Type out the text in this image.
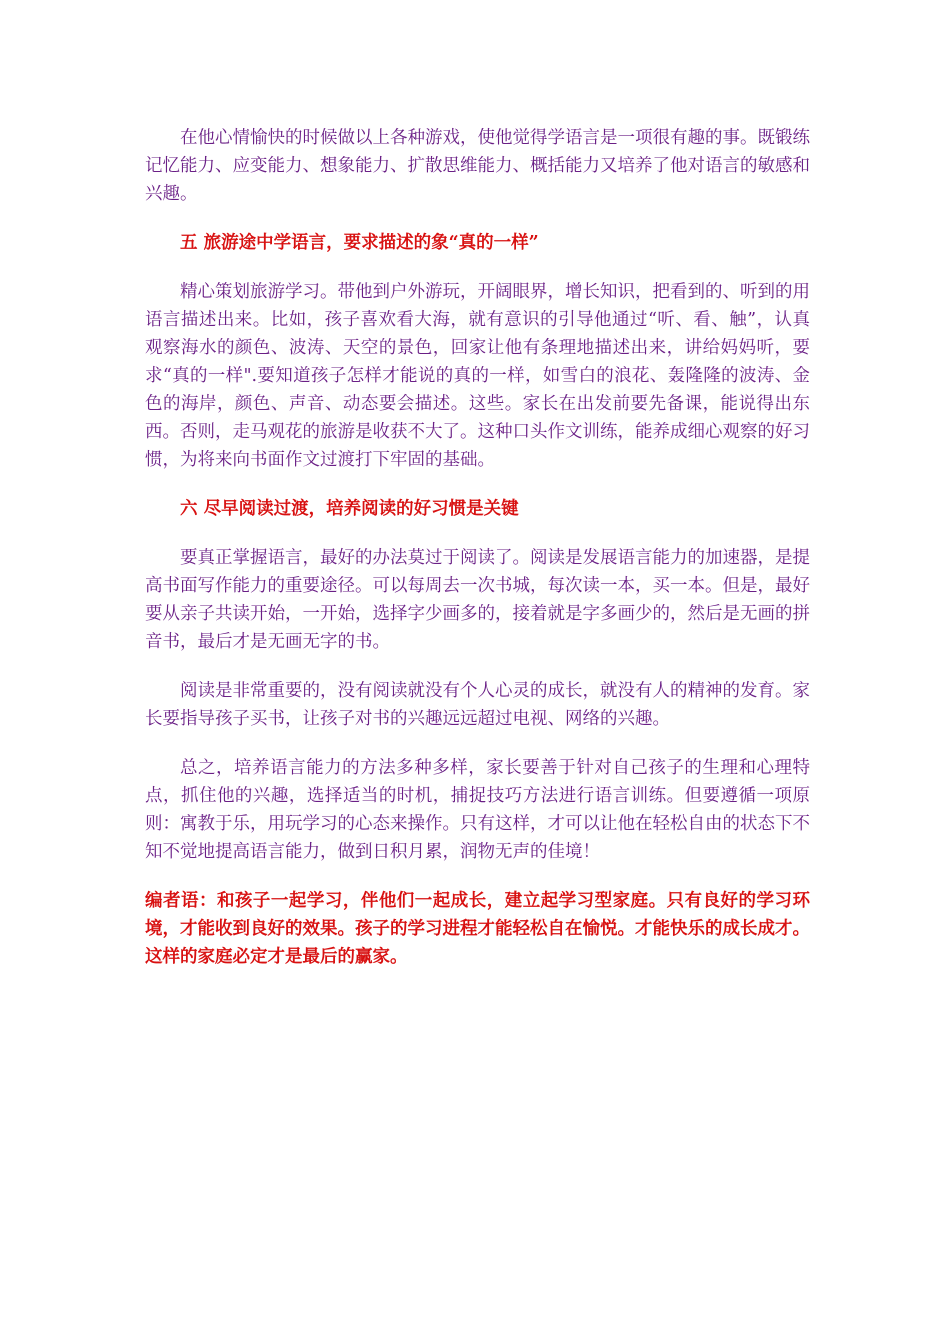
在他心情愉快的时候做以上各种游戏，使他觉得学语言是一项很有趣的事。既锻练记忆能力、应变能力、想象能力、扩散思维能力、概括能力又培养了他对语言的敏感和兴趣。

五 旅游途中学语言，要求描述的象“真的一样”

精心策划旅游学习。带他到户外游玩，开阔眼界，增长知识，把看到的、听到的用语言描述出来。比如，孩子喜欢看大海，就有意识的引导他通过“听、看、触”，认真观察海水的颜色、波涛、天空的景色，回家让他有条理地描述出来，讲给妈妈听，要求“真的一样".要知道孩子怎样才能说的真的一样，如雪白的浪花、轰隆隆的波涛、金色的海岸，颜色、声音、动态要会描述。这些。家长在出发前要先备课，能说得出东西。否则，走马观花的旅游是收获不大了。这种口头作文训练，能养成细心观察的好习惯，为将来向书面作文过渡打下牢固的基础。

六 尽早阅读过渡，培养阅读的好习惯是关键

要真正掌握语言，最好的办法莫过于阅读了。阅读是发展语言能力的加速器，是提高书面写作能力的重要途径。可以每周去一次书城，每次读一本，买一本。但是，最好要从亲子共读开始，一开始，选择字少画多的，接着就是字多画少的，然后是无画的拼音书，最后才是无画无字的书。

阅读是非常重要的，没有阅读就没有个人心灵的成长，就没有人的精神的发育。家长要指导孩子买书，让孩子对书的兴趣远远超过电视、网络的兴趣。

总之，培养语言能力的方法多种多样，家长要善于针对自己孩子的生理和心理特点，抓住他的兴趣，选择适当的时机，捕捉技巧方法进行语言训练。但要遵循一项原则：寓教于乐，用玩学习的心态来操作。只有这样，才可以让他在轻松自由的状态下不知不觉地提高语言能力，做到日积月累，润物无声的佳境！

编者语：和孩子一起学习，伴他们一起成长，建立起学习型家庭。只有良好的学习环境，才能收到良好的效果。孩子的学习进程才能轻松自在愉悦。才能快乐的成长成才。这样的家庭必定才是最后的赢家。
